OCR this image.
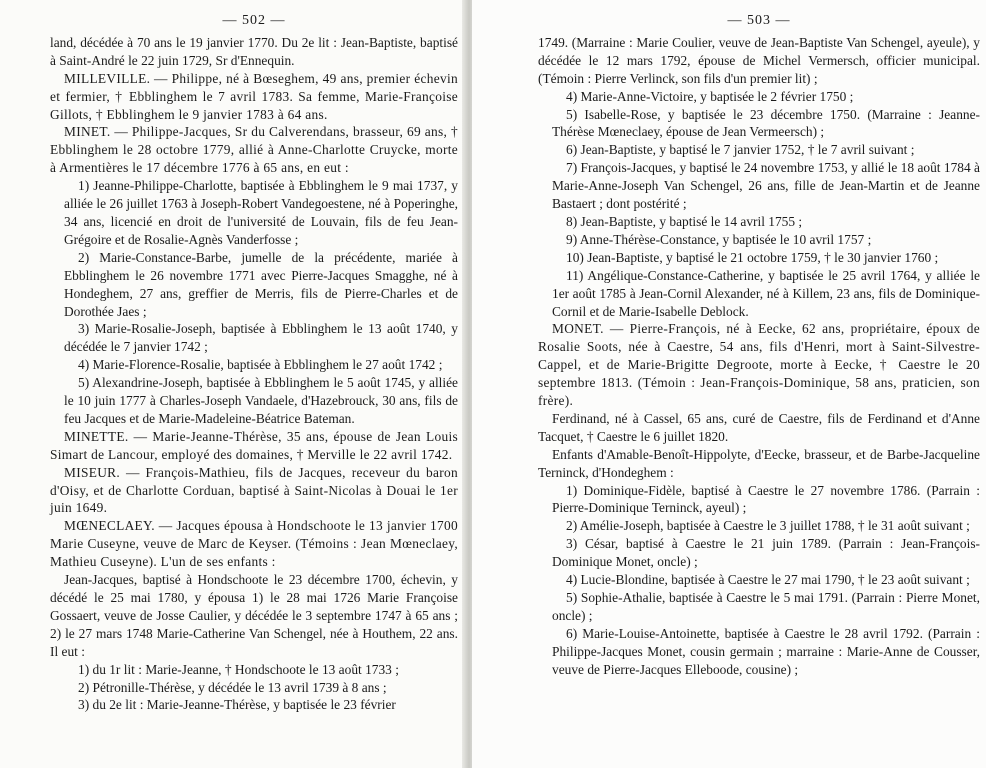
— 502 —

land, décédée à 70 ans le 19 janvier 1770. Du 2e lit : Jean-Baptiste, baptisé à Saint-André le 22 juin 1729, Sr d'Ennequin.

MILLEVILLE. — Philippe, né à Bœseghem, 49 ans, premier échevin et fermier, † Ebblinghem le 7 avril 1783. Sa femme, Marie-Françoise Gillots, † Ebblinghem le 9 janvier 1783 à 64 ans.

MINET. — Philippe-Jacques, Sr du Calverendans, brasseur, 69 ans, † Ebblinghem le 28 octobre 1779, allié à Anne-Charlotte Cruycke, morte à Armentières le 17 décembre 1776 à 65 ans, en eut :

1) Jeanne-Philippe-Charlotte, baptisée à Ebblinghem le 9 mai 1737, y alliée le 26 juillet 1763 à Joseph-Robert Vandegoestene, né à Poperinghe, 34 ans, licencié en droit de l'université de Louvain, fils de feu Jean-Grégoire et de Rosalie-Agnès Vanderfosse ;

2) Marie-Constance-Barbe, jumelle de la précédente, mariée à Ebblinghem le 26 novembre 1771 avec Pierre-Jacques Smagghe, né à Hondeghem, 27 ans, greffier de Merris, fils de Pierre-Charles et de Dorothée Jaes ;

3) Marie-Rosalie-Joseph, baptisée à Ebblinghem le 13 août 1740, y décédée le 7 janvier 1742 ;

4) Marie-Florence-Rosalie, baptisée à Ebblinghem le 27 août 1742 ;

5) Alexandrine-Joseph, baptisée à Ebblinghem le 5 août 1745, y alliée le 10 juin 1777 à Charles-Joseph Vandaele, d'Hazebrouck, 30 ans, fils de feu Jacques et de Marie-Madeleine-Béatrice Bateman.

MINETTE. — Marie-Jeanne-Thérèse, 35 ans, épouse de Jean Louis Simart de Lancour, employé des domaines, † Merville le 22 avril 1742.

MISEUR. — François-Mathieu, fils de Jacques, receveur du baron d'Oisy, et de Charlotte Corduan, baptisé à Saint-Nicolas à Douai le 1er juin 1649.

MŒNECLAEY. — Jacques épousa à Hondschoote le 13 janvier 1700 Marie Cuseyne, veuve de Marc de Keyser. (Témoins : Jean Mœneclaey, Mathieu Cuseyne). L'un de ses enfants :

Jean-Jacques, baptisé à Hondschoote le 23 décembre 1700, échevin, y décédé le 25 mai 1780, y épousa 1) le 28 mai 1726 Marie Françoise Gossaert, veuve de Josse Caulier, y décédée le 3 septembre 1747 à 65 ans ; 2) le 27 mars 1748 Marie-Catherine Van Schengel, née à Houthem, 22 ans. Il eut :

1) du 1r lit : Marie-Jeanne, † Hondschoote le 13 août 1733 ;

2) Pétronille-Thérèse, y décédée le 13 avril 1739 à 8 ans ;

3) du 2e lit : Marie-Jeanne-Thérèse, y baptisée le 23 février

— 503 —

1749. (Marraine : Marie Coulier, veuve de Jean-Baptiste Van Schengel, ayeule), y décédée le 12 mars 1792, épouse de Michel Vermersch, officier municipal. (Témoin : Pierre Verlinck, son fils d'un premier lit) ;

4) Marie-Anne-Victoire, y baptisée le 2 février 1750 ;

5) Isabelle-Rose, y baptisée le 23 décembre 1750. (Marraine : Jeanne-Thérèse Mœneclaey, épouse de Jean Vermeersch) ;

6) Jean-Baptiste, y baptisé le 7 janvier 1752, † le 7 avril suivant ;

7) François-Jacques, y baptisé le 24 novembre 1753, y allié le 18 août 1784 à Marie-Anne-Joseph Van Schengel, 26 ans, fille de Jean-Martin et de Jeanne Bastaert ; dont postérité ;

8) Jean-Baptiste, y baptisé le 14 avril 1755 ;

9) Anne-Thérèse-Constance, y baptisée le 10 avril 1757 ;

10) Jean-Baptiste, y baptisé le 21 octobre 1759, † le 30 janvier 1760 ;

11) Angélique-Constance-Catherine, y baptisée le 25 avril 1764, y alliée le 1er août 1785 à Jean-Cornil Alexander, né à Killem, 23 ans, fils de Dominique-Cornil et de Marie-Isabelle Deblock.

MONET. — Pierre-François, né à Eecke, 62 ans, propriétaire, époux de Rosalie Soots, née à Caestre, 54 ans, fils d'Henri, mort à Saint-Silvestre-Cappel, et de Marie-Brigitte Degroote, morte à Eecke, † Caestre le 20 septembre 1813. (Témoin : Jean-François-Dominique, 58 ans, praticien, son frère).

Ferdinand, né à Cassel, 65 ans, curé de Caestre, fils de Ferdinand et d'Anne Tacquet, † Caestre le 6 juillet 1820.

Enfants d'Amable-Benoît-Hippolyte, d'Eecke, brasseur, et de Barbe-Jacqueline Terninck, d'Hondeghem :

1) Dominique-Fidèle, baptisé à Caestre le 27 novembre 1786. (Parrain : Pierre-Dominique Terninck, ayeul) ;

2) Amélie-Joseph, baptisée à Caestre le 3 juillet 1788, † le 31 août suivant ;

3) César, baptisé à Caestre le 21 juin 1789. (Parrain : Jean-François-Dominique Monet, oncle) ;

4) Lucie-Blondine, baptisée à Caestre le 27 mai 1790, † le 23 août suivant ;

5) Sophie-Athalie, baptisée à Caestre le 5 mai 1791. (Parrain : Pierre Monet, oncle) ;

6) Marie-Louise-Antoinette, baptisée à Caestre le 28 avril 1792. (Parrain : Philippe-Jacques Monet, cousin germain ; marraine : Marie-Anne de Cousser, veuve de Pierre-Jacques Elleboode, cousine) ;
